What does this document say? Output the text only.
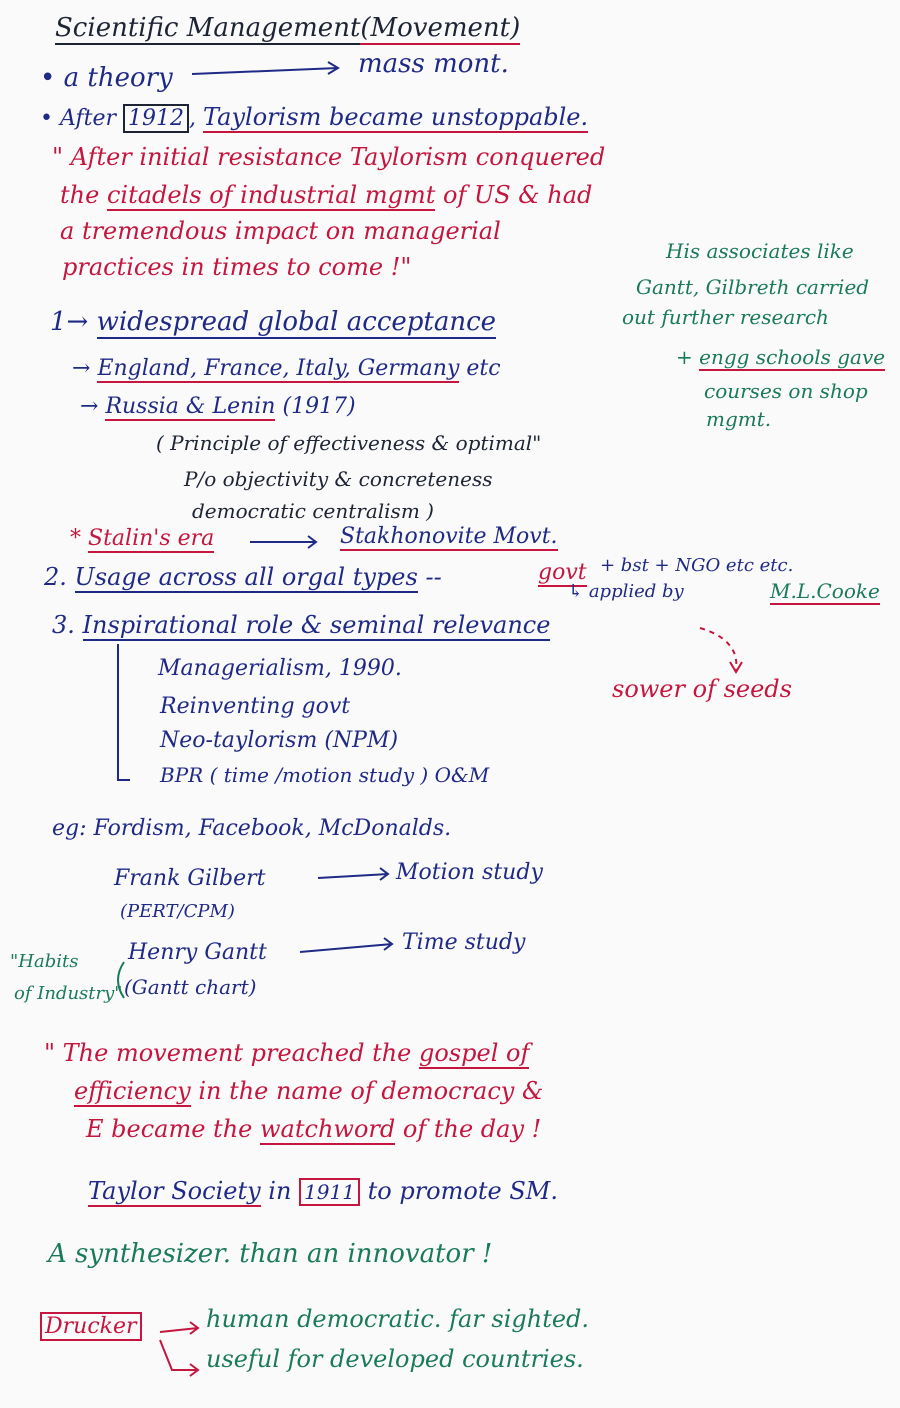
Scientific Management(Movement)
• a theory	mass mont.
• After 1912 , Taylorism became unstoppable.
" After initial resistance Taylorism conquered
the citadels of industrial mgmt of US & had
a tremendous impact on managerial
practices in times to come !"
His associates like
Gantt, Gilbreth carried
out further research
+ engg schools gave
courses on shop
mgmt.
1→ widespread global acceptance
→ England, France, Italy, Germany etc
→ Russia & Lenin (1917)
( Principle of effectiveness & optimal"
P/o objectivity & concreteness
democratic centralism )
* Stalin's era	Stakhonovite Movt.
2. Usage across all orgal types --	govt + bst + NGO etc etc.
↳ applied by	M.L.Cooke
3. Inspirational role & seminal relevance
Managerialism, 1990.
Reinventing govt
Neo-taylorism (NPM)
BPR ( time /motion study ) O&M
sower of seeds
eg: Fordism, Facebook, McDonalds.
Frank Gilbert	Motion study
(PERT/CPM)
Henry Gantt	Time study
(Gantt chart)
"Habits
of Industry"
" The movement preached the gospel of
efficiency in the name of democracy &
E became the watchword of the day !
Taylor Society in 1911 to promote SM.
A synthesizer. than an innovator !
Drucker	human democratic. far sighted.
useful for developed countries.
